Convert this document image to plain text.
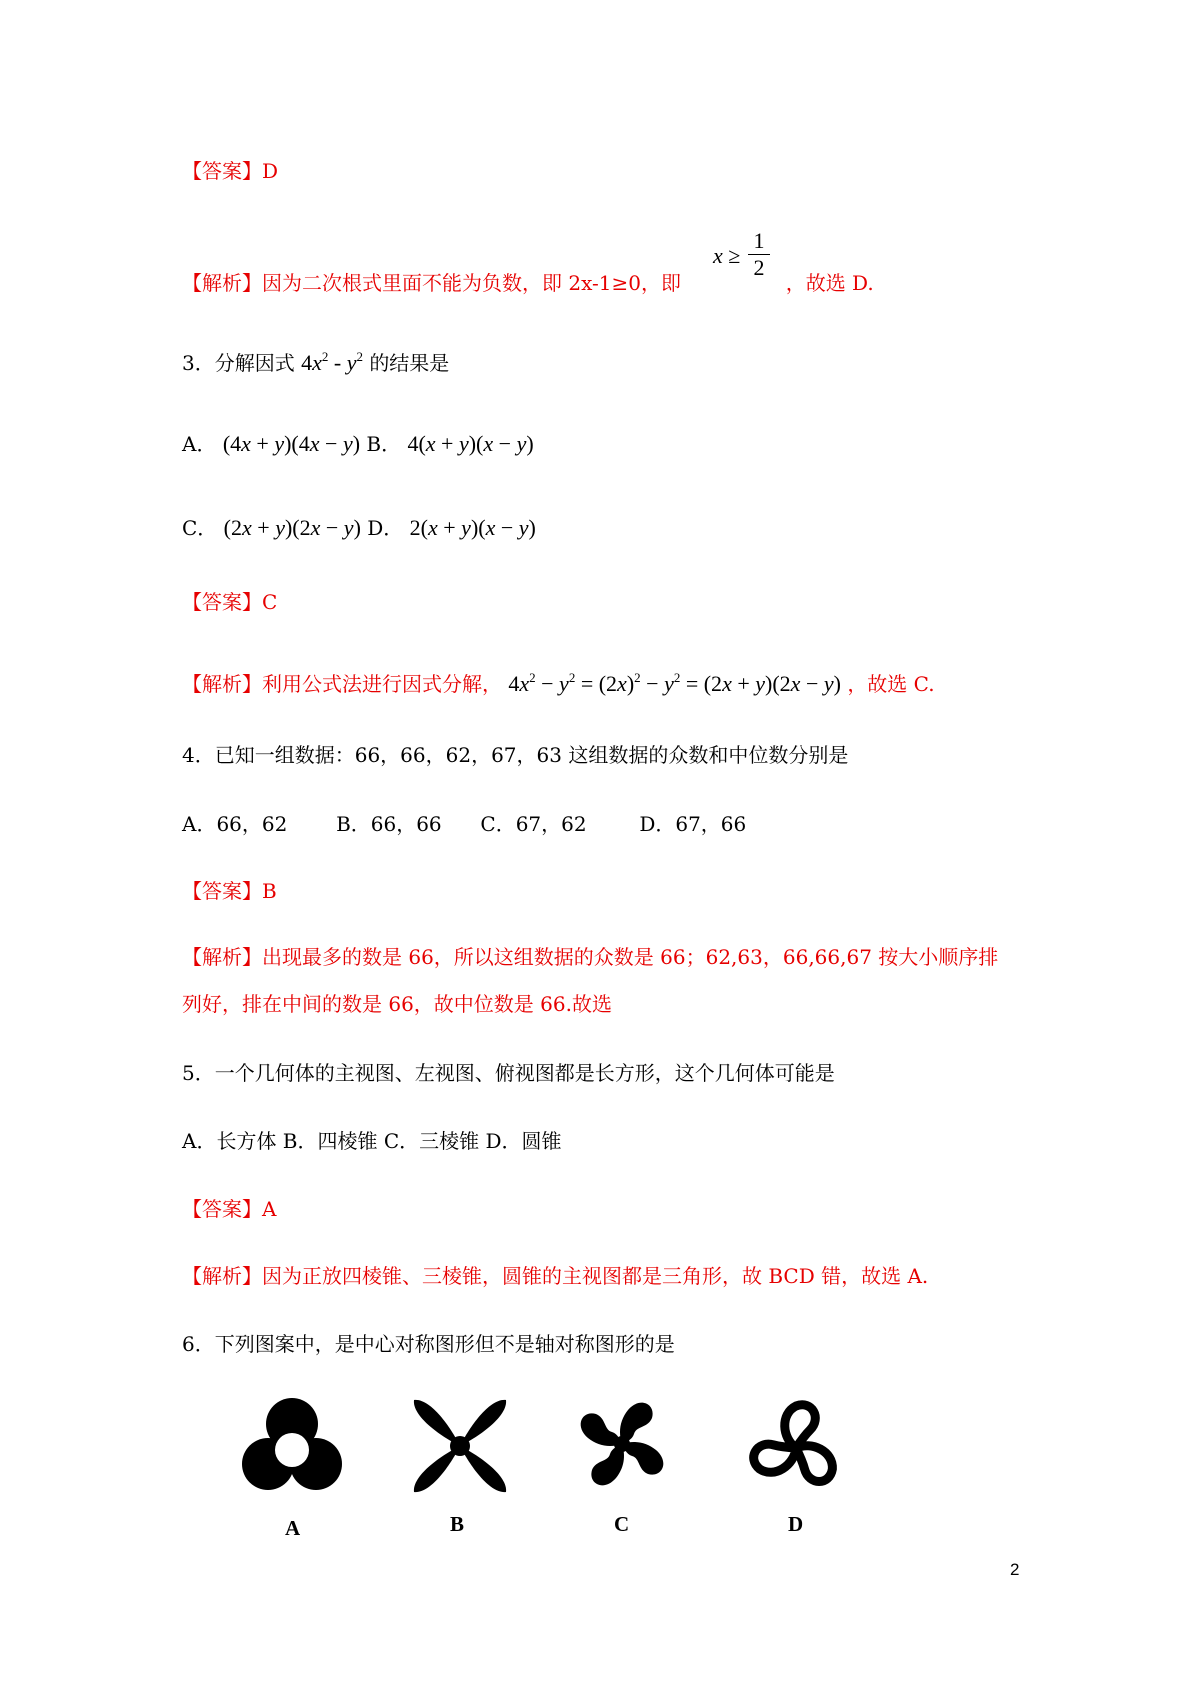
【答案】D
【解析】因为二次根式里面不能为负数，即 2x-1≥0，即	，故选 D.
x ≥
1
2
3．分解因式 $4x^2 - y^2$ 的结果是
A． (4x + y)(4x − y) B． 4(x + y)(x − y)
C． (2x + y)(2x − y) D． 2(x + y)(x − y)
【答案】C
【解析】利用公式法进行因式分解， $4x^2 - y^2 = (2x)^2 - y^2 = (2x + y)(2x - y)$ ，故选 C.
4．已知一组数据：66，66，62，67，63 这组数据的众数和中位数分别是
A．66，62 B．66，66 C．67，62	D．67，66
【答案】B
【解析】出现最多的数是 66，所以这组数据的众数是 66；62,63，66,66,67 按大小顺序排
列好，排在中间的数是 66，故中位数是 66.故选
5．一个几何体的主视图、左视图、俯视图都是长方形，这个几何体可能是
A．长方体 B．四棱锥 C．三棱锥 D．圆锥
【答案】A
【解析】因为正放四棱锥、三棱锥，圆锥的主视图都是三角形，故 BCD 错，故选 A.
6．下列图案中，是中心对称图形但不是轴对称图形的是
A	B	C	D
2
